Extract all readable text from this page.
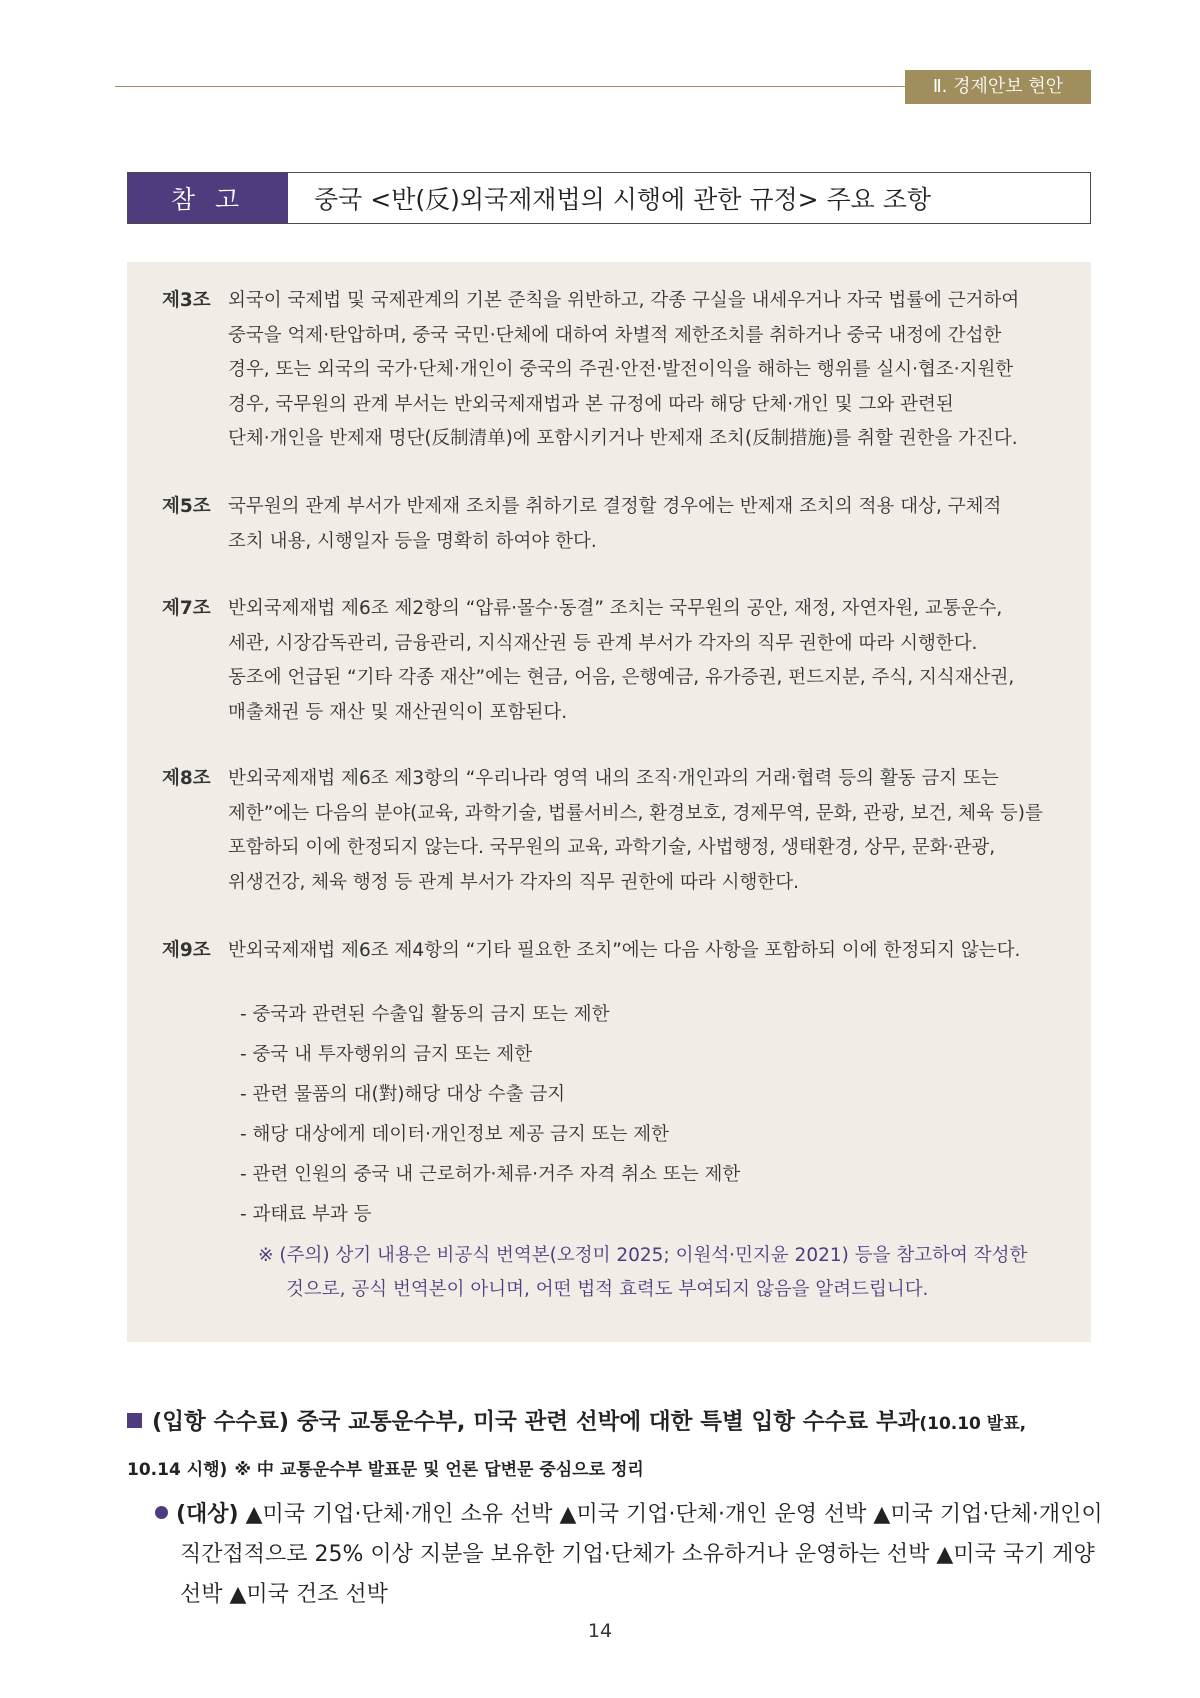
Ⅱ. 경제안보 현안
참 고	중국 <반(反)외국제재법의 시행에 관한 규정> 주요 조항
제3조 외국이 국제법 및 국제관계의 기본 준칙을 위반하고, 각종 구실을 내세우거나 자국 법률에 근거하여
중국을 억제·탄압하며, 중국 국민·단체에 대하여 차별적 제한조치를 취하거나 중국 내정에 간섭한
경우, 또는 외국의 국가·단체·개인이 중국의 주권·안전·발전이익을 해하는 행위를 실시·협조·지원한
경우, 국무원의 관계 부서는 반외국제재법과 본 규정에 따라 해당 단체·개인 및 그와 관련된
단체·개인을 반제재 명단(反制清单)에 포함시키거나 반제재 조치(反制措施)를 취할 권한을 가진다.
제5조 국무원의 관계 부서가 반제재 조치를 취하기로 결정할 경우에는 반제재 조치의 적용 대상, 구체적
조치 내용, 시행일자 등을 명확히 하여야 한다.
제7조 반외국제재법 제6조 제2항의 “압류·몰수·동결” 조치는 국무원의 공안, 재정, 자연자원, 교통운수,
세관, 시장감독관리, 금융관리, 지식재산권 등 관계 부서가 각자의 직무 권한에 따라 시행한다.
동조에 언급된 “기타 각종 재산”에는 현금, 어음, 은행예금, 유가증권, 펀드지분, 주식, 지식재산권,
매출채권 등 재산 및 재산권익이 포함된다.
제8조 반외국제재법 제6조 제3항의 “우리나라 영역 내의 조직·개인과의 거래·협력 등의 활동 금지 또는
제한”에는 다음의 분야(교육, 과학기술, 법률서비스, 환경보호, 경제무역, 문화, 관광, 보건, 체육 등)를
포함하되 이에 한정되지 않는다. 국무원의 교육, 과학기술, 사법행정, 생태환경, 상무, 문화·관광,
위생건강, 체육 행정 등 관계 부서가 각자의 직무 권한에 따라 시행한다.
제9조 반외국제재법 제6조 제4항의 “기타 필요한 조치”에는 다음 사항을 포함하되 이에 한정되지 않는다.
- 중국과 관련된 수출입 활동의 금지 또는 제한
- 중국 내 투자행위의 금지 또는 제한
- 관련 물품의 대(對)해당 대상 수출 금지
- 해당 대상에게 데이터·개인정보 제공 금지 또는 제한
- 관련 인원의 중국 내 근로허가·체류·거주 자격 취소 또는 제한
- 과태료 부과 등
※ (주의) 상기 내용은 비공식 번역본(오정미 2025; 이원석·민지윤 2021) 등을 참고하여 작성한
것으로, 공식 번역본이 아니며, 어떤 법적 효력도 부여되지 않음을 알려드립니다.
(입항 수수료) 중국 교통운수부, 미국 관련 선박에 대한 특별 입항 수수료 부과(10.10 발표,
10.14 시행) ※ 中 교통운수부 발표문 및 언론 답변문 중심으로 정리
(대상) ▲미국 기업·단체·개인 소유 선박 ▲미국 기업·단체·개인 운영 선박 ▲미국 기업·단체·개인이
직간접적으로 25% 이상 지분을 보유한 기업·단체가 소유하거나 운영하는 선박 ▲미국 국기 게양
선박 ▲미국 건조 선박
14
